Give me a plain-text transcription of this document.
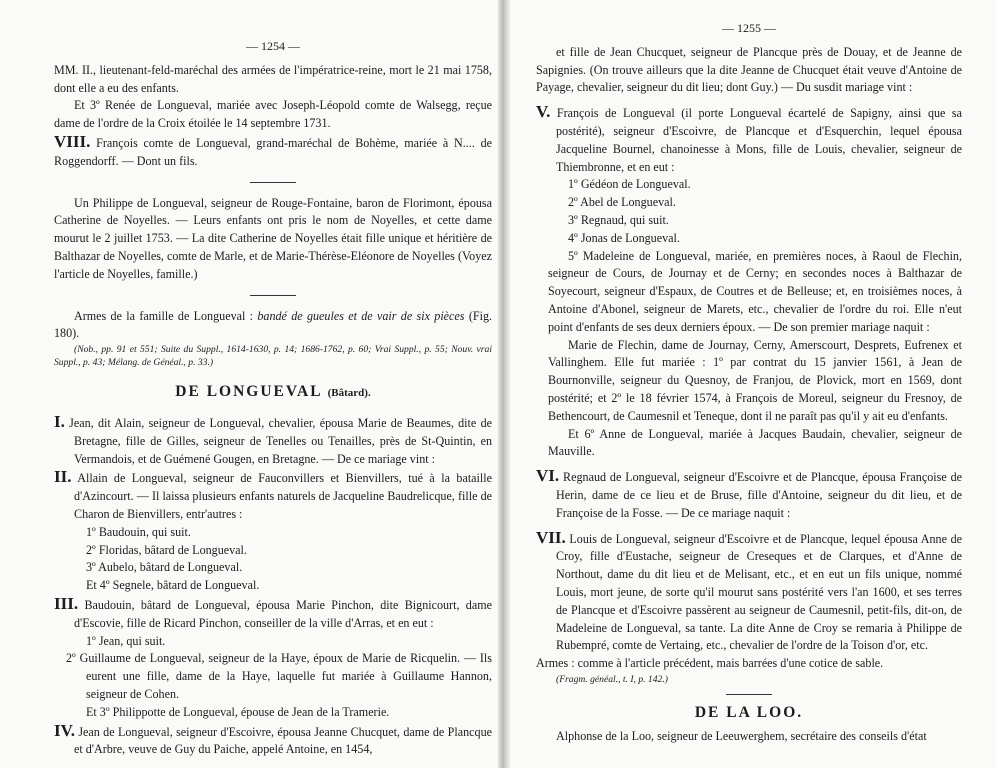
— 1254 —

MM. II., lieutenant-feld-maréchal des armées de l'impératrice-reine, mort le 21 mai 1758, dont elle a eu des enfants.

Et 3º Renée de Longueval, mariée avec Joseph-Léopold comte de Walsegg, reçue dame de l'ordre de la Croix étoilée le 14 septembre 1731.

VIII. François comte de Longueval, grand-maréchal de Bohème, mariée à N.... de Roggendorff. — Dont un fils.

Un Philippe de Longueval, seigneur de Rouge-Fontaine, baron de Florimont, épousa Catherine de Noyelles. — Leurs enfants ont pris le nom de Noyelles, et cette dame mourut le 2 juillet 1753. — La dite Catherine de Noyelles était fille unique et héritière de Balthazar de Noyelles, comte de Marle, et de Marie-Thérèse-Eléonore de Noyelles (Voyez l'article de Noyelles, famille.)

Armes de la famille de Longueval : bandé de gueules et de vair de six pièces (Fig. 180).

(Nob., pp. 91 et 551; Suite du Suppl., 1614-1630, p. 14; 1686-1762, p. 60; Vrai Suppl., p. 55; Nouv. vrai Suppl., p. 43; Mélang. de Généal., p. 33.)

DE LONGUEVAL (Bâtard).

I. Jean, dit Alain, seigneur de Longueval, chevalier, épousa Marie de Beaumes, dite de Bretagne, fille de Gilles, seigneur de Tenelles ou Tenailles, près de St-Quintin, en Vermandois, et de Guémené Gougen, en Bretagne. — De ce mariage vint :

II. Allain de Longueval, seigneur de Fauconvillers et Bienvillers, tué à la bataille d'Azincourt. — Il laissa plusieurs enfants naturels de Jacqueline Baudrelicque, fille de Charon de Bienvillers, entr'autres :

1º Baudouin, qui suit.

2º Floridas, bâtard de Longueval.

3º Aubelo, bâtard de Longueval.

Et 4º Segnele, bâtard de Longueval.

III. Baudouin, bâtard de Longueval, épousa Marie Pinchon, dite Bignicourt, dame d'Escovie, fille de Ricard Pinchon, conseiller de la ville d'Arras, et en eut :

1º Jean, qui suit.

2º Guillaume de Longueval, seigneur de la Haye, époux de Marie de Ricquelin. — Ils eurent une fille, dame de la Haye, laquelle fut mariée à Guillaume Hannon, seigneur de Cohen.

Et 3º Philippotte de Longueval, épouse de Jean de la Tramerie.

IV. Jean de Longueval, seigneur d'Escoivre, épousa Jeanne Chucquet, dame de Plancque et d'Arbre, veuve de Guy du Paiche, appelé Antoine, en 1454,

— 1255 —

et fille de Jean Chucquet, seigneur de Plancque près de Douay, et de Jeanne de Sapignies. (On trouve ailleurs que la dite Jeanne de Chucquet était veuve d'Antoine de Payage, chevalier, seigneur du dit lieu; dont Guy.) — Du susdit mariage vint :

V. François de Longueval (il porte Longueval écartelé de Sapigny, ainsi que sa postérité), seigneur d'Escoivre, de Plancque et d'Esquerchin, lequel épousa Jacqueline Bournel, chanoinesse à Mons, fille de Louis, chevalier, seigneur de Thiembronne, et en eut :

1º Gédéon de Longueval.

2º Abel de Longueval.

3º Regnaud, qui suit.

4º Jonas de Longueval.

5º Madeleine de Longueval, mariée, en premières noces, à Raoul de Flechin, seigneur de Cours, de Journay et de Cerny; en secondes noces à Balthazar de Soyecourt, seigneur d'Espaux, de Coutres et de Belleuse; et, en troisièmes noces, à Antoine d'Abonel, seigneur de Marets, etc., chevalier de l'ordre du roi. Elle n'eut point d'enfants de ses deux derniers époux. — De son premier mariage naquit :

Marie de Flechin, dame de Journay, Cerny, Amerscourt, Desprets, Eufrenex et Vallinghem. Elle fut mariée : 1º par contrat du 15 janvier 1561, à Jean de Bournonville, seigneur du Quesnoy, de Franjou, de Plovick, mort en 1569, dont postérité; et 2º le 18 février 1574, à François de Moreul, seigneur du Fresnoy, de Bethencourt, de Caumesnil et Teneque, dont il ne paraît pas qu'il y ait eu d'enfants.

Et 6º Anne de Longueval, mariée à Jacques Baudain, chevalier, seigneur de Mauville.

VI. Regnaud de Longueval, seigneur d'Escoivre et de Plancque, épousa Françoise de Herin, dame de ce lieu et de Bruse, fille d'Antoine, seigneur du dit lieu, et de Françoise de la Fosse. — De ce mariage naquit :

VII. Louis de Longueval, seigneur d'Escoivre et de Plancque, lequel épousa Anne de Croy, fille d'Eustache, seigneur de Creseques et de Clarques, et d'Anne de Northout, dame du dit lieu et de Melisant, etc., et en eut un fils unique, nommé Louis, mort jeune, de sorte qu'il mourut sans postérité vers l'an 1600, et ses terres de Plancque et d'Escoivre passèrent au seigneur de Caumesnil, petit-fils, dit-on, de Madeleine de Longueval, sa tante. La dite Anne de Croy se remaria à Philippe de Rubempré, comte de Vertaing, etc., chevalier de l'ordre de la Toison d'or, etc.

Armes : comme à l'article précédent, mais barrées d'une cotice de sable.

(Fragm. généal., t. I, p. 142.)

DE LA LOO.

Alphonse de la Loo, seigneur de Leeuwerghem, secrétaire des conseils d'état
